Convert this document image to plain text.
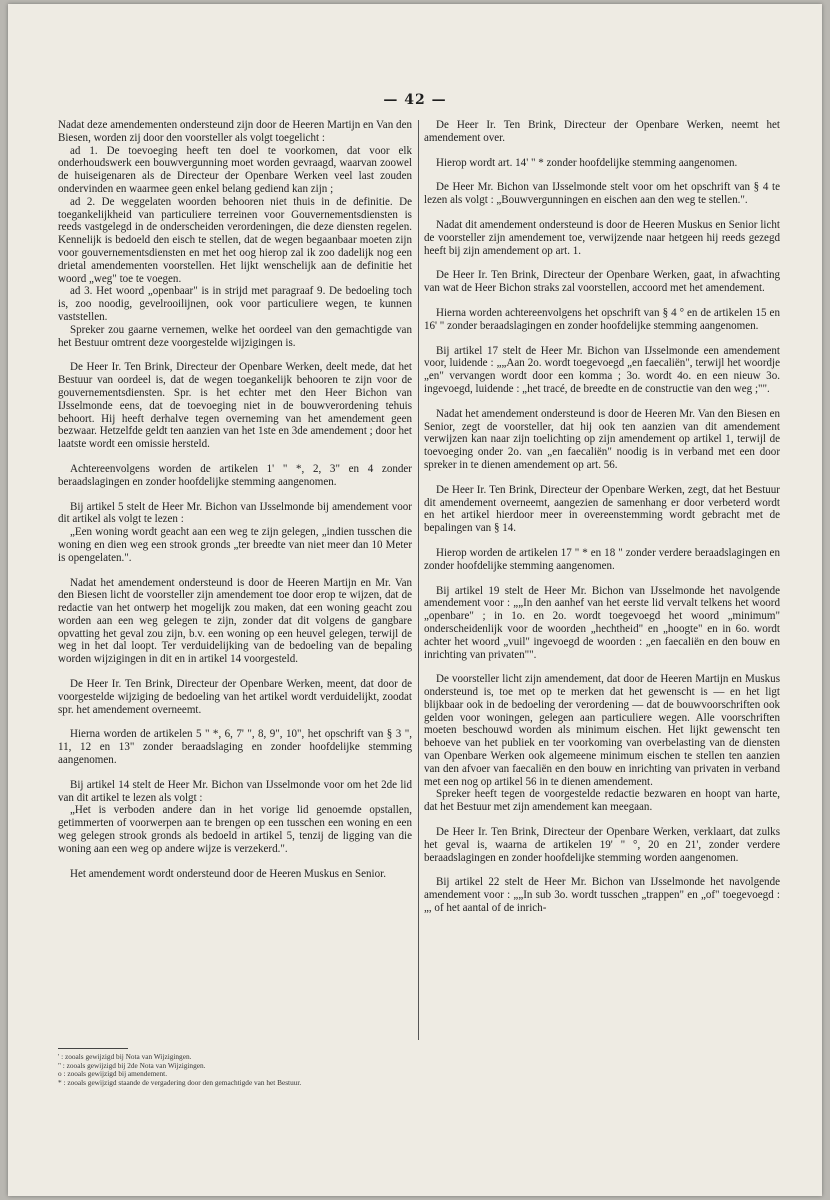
— 42 —

Nadat deze amendementen ondersteund zijn door de Heeren Martijn en Van den Biesen, worden zij door den voorsteller als volgt toegelicht :

ad 1. De toevoeging heeft ten doel te voorkomen, dat voor elk onderhoudswerk een bouwvergunning moet worden gevraagd, waarvan zoowel de huiseigenaren als de Directeur der Openbare Werken veel last zouden ondervinden en waarmee geen enkel belang gediend kan zijn ;

ad 2. De weggelaten woorden behooren niet thuis in de definitie. De toegankelijkheid van particuliere terreinen voor Gouvernementsdiensten is reeds vastgelegd in de onderscheiden verordeningen, die deze diensten regelen. Kennelijk is bedoeld den eisch te stellen, dat de wegen begaanbaar moeten zijn voor gouvernementsdiensten en met het oog hierop zal ik zoo dadelijk nog een drietal amendementen voorstellen. Het lijkt wenschelijk aan de definitie het woord „weg" toe te voegen.

ad 3. Het woord „openbaar" is in strijd met paragraaf 9. De bedoeling toch is, zoo noodig, gevelrooilijnen, ook voor particuliere wegen, te kunnen vaststellen.

Spreker zou gaarne vernemen, welke het oordeel van den gemachtigde van het Bestuur omtrent deze voorgestelde wijzigingen is.

De Heer Ir. Ten Brink, Directeur der Openbare Werken, deelt mede, dat het Bestuur van oordeel is, dat de wegen toegankelijk behooren te zijn voor de gouvernementsdiensten. Spr. is het echter met den Heer Bichon van IJsselmonde eens, dat de toevoeging niet in de bouwverordening tehuis behoort. Hij heeft derhalve tegen overneming van het amendement geen bezwaar. Hetzelfde geldt ten aanzien van het 1ste en 3de amendement ; door het laatste wordt een omissie hersteld.

Achtereenvolgens worden de artikelen 1' " *, 2, 3" en 4 zonder beraadslagingen en zonder hoofdelijke stemming aangenomen.

Bij artikel 5 stelt de Heer Mr. Bichon van IJsselmonde bij amendement voor dit artikel als volgt te lezen :

„Een woning wordt geacht aan een weg te zijn gelegen, „indien tusschen die woning en dien weg een strook gronds „ter breedte van niet meer dan 10 Meter is opengelaten.".

Nadat het amendement ondersteund is door de Heeren Martijn en Mr. Van den Biesen licht de voorsteller zijn amendement toe door erop te wijzen, dat de redactie van het ontwerp het mogelijk zou maken, dat een woning geacht zou worden aan een weg gelegen te zijn, zonder dat dit volgens de gangbare opvatting het geval zou zijn, b.v. een woning op een heuvel gelegen, terwijl de weg in het dal loopt. Ter verduidelijking van de bedoeling van de bepaling worden wijzigingen in dit en in artikel 14 voorgesteld.

De Heer Ir. Ten Brink, Directeur der Openbare Werken, meent, dat door de voorgestelde wijziging de bedoeling van het artikel wordt verduidelijkt, zoodat spr. het amendement overneemt.

Hierna worden de artikelen 5 " *, 6, 7' ", 8, 9", 10", het opschrift van § 3 ", 11, 12 en 13" zonder beraadslaging en zonder hoofdelijke stemming aangenomen.

Bij artikel 14 stelt de Heer Mr. Bichon van IJsselmonde voor om het 2de lid van dit artikel te lezen als volgt :

„Het is verboden andere dan in het vorige lid genoemde opstallen, getimmerten of voorwerpen aan te brengen op een tusschen een woning en een weg gelegen strook gronds als bedoeld in artikel 5, tenzij de ligging van die woning aan een weg op andere wijze is verzekerd.".

Het amendement wordt ondersteund door de Heeren Muskus en Senior.

De Heer Ir. Ten Brink, Directeur der Openbare Werken, neemt het amendement over.

Hierop wordt art. 14' " * zonder hoofdelijke stemming aangenomen.

De Heer Mr. Bichon van IJsselmonde stelt voor om het opschrift van § 4 te lezen als volgt : „Bouwvergunningen en eischen aan den weg te stellen.".

Nadat dit amendement ondersteund is door de Heeren Muskus en Senior licht de voorsteller zijn amendement toe, verwijzende naar hetgeen hij reeds gezegd heeft bij zijn amendement op art. 1.

De Heer Ir. Ten Brink, Directeur der Openbare Werken, gaat, in afwachting van wat de Heer Bichon straks zal voorstellen, accoord met het amendement.

Hierna worden achtereenvolgens het opschrift van § 4 ° en de artikelen 15 en 16' " zonder beraadslagingen en zonder hoofdelijke stemming aangenomen.

Bij artikel 17 stelt de Heer Mr. Bichon van IJsselmonde een amendement voor, luidende : „„Aan 2o. wordt toegevoegd „en faecaliën", terwijl het woordje „en" vervangen wordt door een komma ; 3o. wordt 4o. en een nieuw 3o. ingevoegd, luidende : „het tracé, de breedte en de constructie van den weg ;"".

Nadat het amendement ondersteund is door de Heeren Mr. Van den Biesen en Senior, zegt de voorsteller, dat hij ook ten aanzien van dit amendement verwijzen kan naar zijn toelichting op zijn amendement op artikel 1, terwijl de toevoeging onder 2o. van „en faecaliën" noodig is in verband met een door spreker in te dienen amendement op art. 56.

De Heer Ir. Ten Brink, Directeur der Openbare Werken, zegt, dat het Bestuur dit amendement overneemt, aangezien de samenhang er door verbeterd wordt en het artikel hierdoor meer in overeenstemming wordt gebracht met de bepalingen van § 14.

Hierop worden de artikelen 17 " * en 18 " zonder verdere beraadslagingen en zonder hoofdelijke stemming aangenomen.

Bij artikel 19 stelt de Heer Mr. Bichon van IJsselmonde het navolgende amendement voor : „„In den aanhef van het eerste lid vervalt telkens het woord „openbare" ; in 1o. en 2o. wordt toegevoegd het woord „minimum" onderscheidenlijk voor de woorden „hechtheid" en „hoogte" en in 6o. wordt achter het woord „vuil" ingevoegd de woorden : „en faecaliën en den bouw en inrichting van privaten"".

De voorsteller licht zijn amendement, dat door de Heeren Martijn en Muskus ondersteund is, toe met op te merken dat het gewenscht is — en het ligt blijkbaar ook in de bedoeling der verordening — dat de bouwvoorschriften ook gelden voor woningen, gelegen aan particuliere wegen. Alle voorschriften moeten beschouwd worden als minimum eischen. Het lijkt gewenscht ten behoeve van het publiek en ter voorkoming van overbelasting van de diensten van Openbare Werken ook algemeene minimum eischen te stellen ten aanzien van den afvoer van faecaliën en den bouw en inrichting van privaten in verband met een nog op artikel 56 in te dienen amendement.

Spreker heeft tegen de voorgestelde redactie bezwaren en hoopt van harte, dat het Bestuur met zijn amendement kan meegaan.

De Heer Ir. Ten Brink, Directeur der Openbare Werken, verklaart, dat zulks het geval is, waarna de artikelen 19' " °, 20 en 21', zonder verdere beraadslagingen en zonder hoofdelijke stemming worden aangenomen.

Bij artikel 22 stelt de Heer Mr. Bichon van IJsselmonde het navolgende amendement voor : „„In sub 3o. wordt tusschen „trappen" en „of" toegevoegd : „, of het aantal of de inrich-

' : zooals gewijzigd bij Nota van Wijzigingen.
" : zooals gewijzigd bij 2de Nota van Wijzigingen.
o : zooals gewijzigd bij amendement.
* : zooals gewijzigd staande de vergadering door den gemachtigde van het Bestuur.
